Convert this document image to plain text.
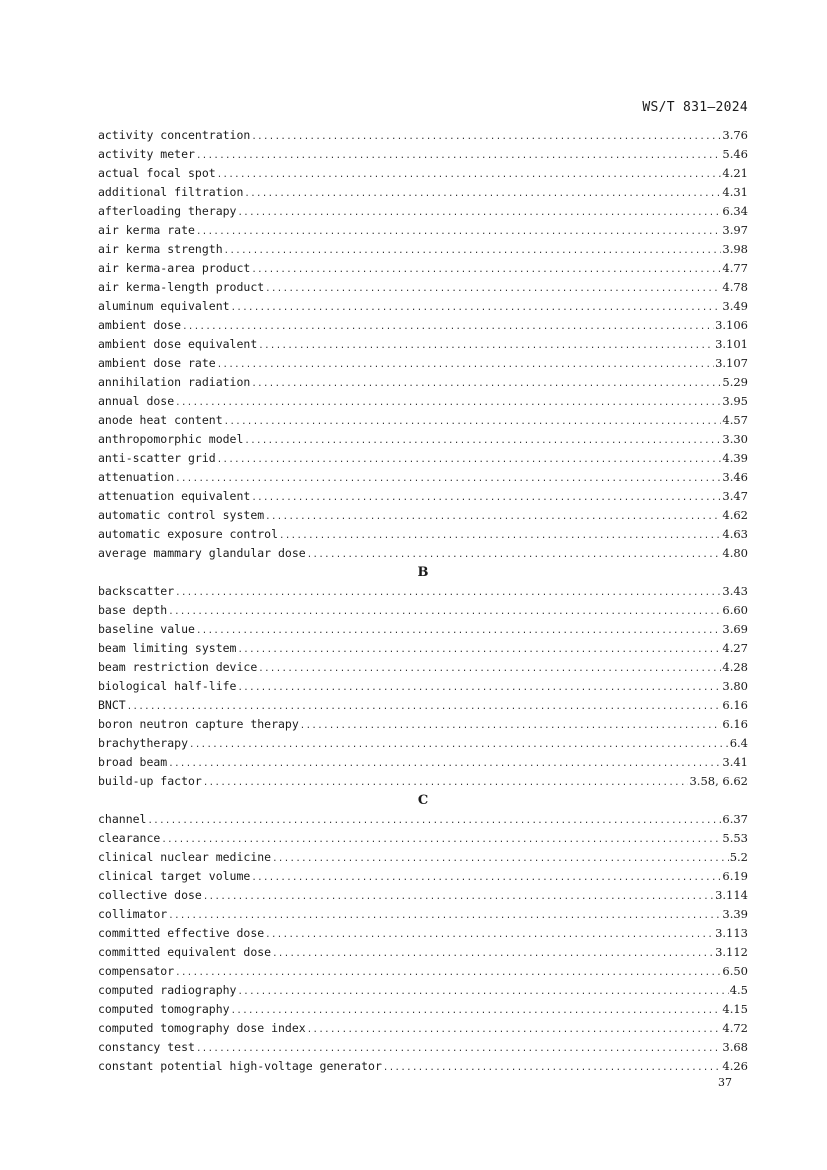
WS/T 831—2024
activity concentration .....	3.76
activity meter .....	5.46
actual focal spot .....	4.21
additional filtration .....	4.31
afterloading therapy .....	6.34
air kerma rate .....	3.97
air kerma strength .....	3.98
air kerma-area product .....	4.77
air kerma-length product .....	4.78
aluminum equivalent .....	3.49
ambient dose .....	3.106
ambient dose equivalent .....	3.101
ambient dose rate .....	3.107
annihilation radiation .....	5.29
annual dose .....	3.95
anode heat content .....	4.57
anthropomorphic model .....	3.30
anti-scatter grid .....	4.39
attenuation .....	3.46
attenuation equivalent .....	3.47
automatic control system .....	4.62
automatic exposure control .....	4.63
average mammary glandular dose .....	4.80
B
backscatter .....	3.43
base depth .....	6.60
baseline value .....	3.69
beam limiting system .....	4.27
beam restriction device .....	4.28
biological half-life .....	3.80
BNCT .....	6.16
boron neutron capture therapy .....	6.16
brachytherapy .....	6.4
broad beam .....	3.41
build-up factor .....	3.58, 6.62
C
channel .....	6.37
clearance .....	5.53
clinical nuclear medicine .....	5.2
clinical target volume .....	6.19
collective dose .....	3.114
collimator .....	3.39
committed effective dose .....	3.113
committed equivalent dose .....	3.112
compensator .....	6.50
computed radiography .....	4.5
computed tomography .....	4.15
computed tomography dose index .....	4.72
constancy test .....	3.68
constant potential high-voltage generator .....	4.26
37
